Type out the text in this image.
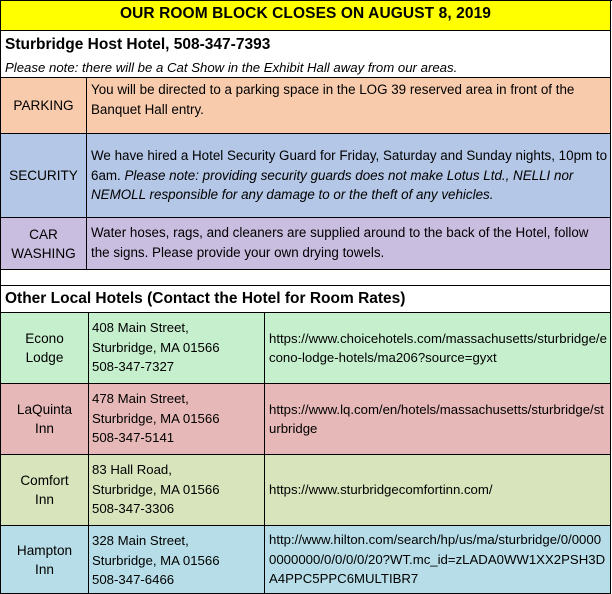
OUR ROOM BLOCK CLOSES ON AUGUST 8, 2019
Sturbridge Host Hotel, 508-347-7393
Please note: there will be a Cat Show in the Exhibit Hall away from our areas.
PARKING
You will be directed to a parking space in the LOG 39 reserved area in front of the Banquet Hall entry.
SECURITY
We have hired a Hotel Security Guard for Friday, Saturday and Sunday nights, 10pm to 6am. Please note: providing security guards does not make Lotus Ltd., NELLI nor NEMOLL responsible for any damage to or the theft of any vehicles.
CAR
WASHING
Water hoses, rags, and cleaners are supplied around to the back of the Hotel, follow the signs. Please provide your own drying towels.
Other Local Hotels (Contact the Hotel for Room Rates)
Econo
Lodge
408 Main Street,
Sturbridge, MA 01566
508-347-7327
https://www.choicehotels.com/massachusetts/sturbridge/econo-lodge-hotels/ma206?source=gyxt
LaQuinta
Inn
478 Main Street,
Sturbridge, MA 01566
508-347-5141
https://www.lq.com/en/hotels/massachusetts/sturbridge/sturbridge
Comfort
Inn
83 Hall Road,
Sturbridge, MA 01566
508-347-3306
https://www.sturbridgecomfortinn.com/
Hampton
Inn
328 Main Street,
Sturbridge, MA 01566
508-347-6466
http://www.hilton.com/search/hp/us/ma/sturbridge/0/00000000000/0/0/0/0/20?WT.mc_id=zLADA0WW1XX2PSH3DA4PPC5PPC6MULTIBR7
